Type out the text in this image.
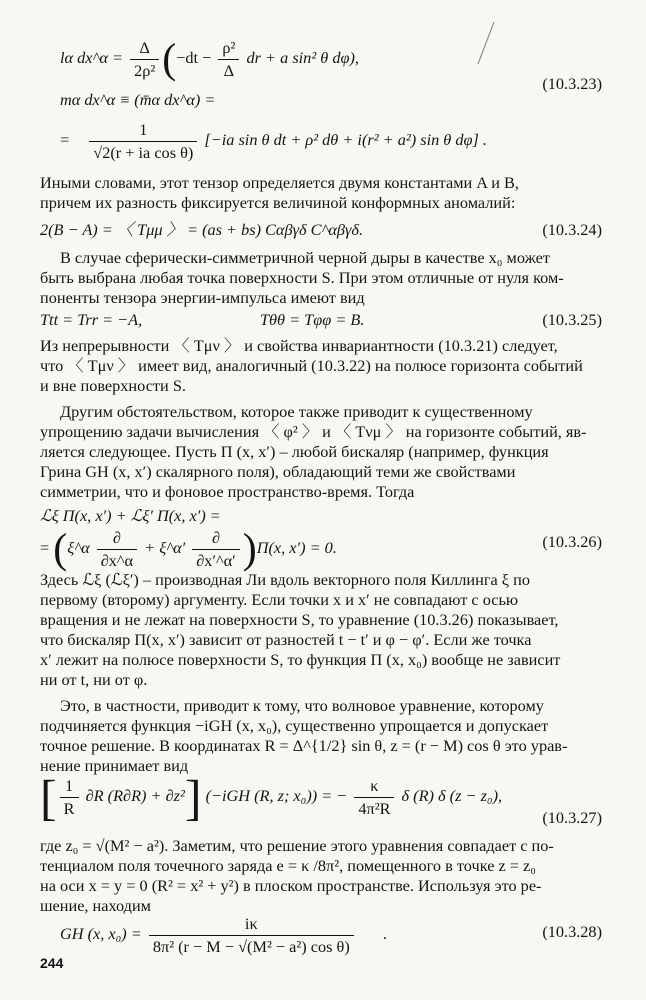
lα dx^α = $\frac{\Delta}{\text{2ρ²}} (-dt - \frac{\text{ρ²}}{\Delta}$ dr + a sin² θ dφ),
mα dx^α ≡ (m̄α dx^α) =
(10.3.23)
= $\frac{1}{\text{√2(r + ia cos θ)}} [-ia$ sin θ dt + ρ² dθ + i(r² + a²) sin θ dφ] .
Иными словами, этот тензор определяется двумя константами A и B,
причем их разность фиксируется величиной конформных аномалий:
2(B − A) = 〈 Tμμ 〉 = (as + bs) Cαβγδ C^αβγδ.	(10.3.24)
В случае сферически-симметричной черной дыры в качестве x₀ может
быть выбрана любая точка поверхности S. При этом отличные от нуля ком-
поненты тензора энергии-импульса имеют вид
Ttt = Trr = −A,	Tθθ = Tφφ = B.	(10.3.25)
Из непрерывности 〈 Tμν 〉 и свойства инвариантности (10.3.21) следует,
что 〈 Tμν 〉 имеет вид, аналогичный (10.3.22) на полюсе горизонта событий
и вне поверхности S.
Другим обстоятельством, которое также приводит к существенному
упрощению задачи вычисления 〈 φ² 〉 и 〈 Tνμ 〉 на горизонте событий, яв-
ляется следующее. Пусть Π (x, x′) – любой бискаляр (например, функция
Грина GH (x, x′) скалярного поля), обладающий теми же свойствами
симметрии, что и фоновое пространство-время. Тогда
ℒξ Π(x, x′) + ℒξ′ Π(x, x′) =
= (ξ^α $\frac{\partial}{\partial x\^{}\alpha}$ + ξ^α′ $\frac{\partial}{\partial x'\^{}\alpha'} )\Pi(x$, x′) = 0.	(10.3.26)
Здесь ℒξ (ℒξ′) – производная Ли вдоль векторного поля Киллинга ξ по
первому (второму) аргументу. Если точки x и x′ не совпадают с осью
вращения и не лежат на поверхности S, то уравнение (10.3.26) показывает,
что бискаляр Π(x, x′) зависит от разностей t − t′ и φ − φ′. Если же точка
x′ лежит на полюсе поверхности S, то функция Π (x, x₀) вообще не зависит
ни от t, ни от φ.
Это, в частности, приводит к тому, что волновое уравнение, которому
подчиняется функция −iGH (x, x₀), существенно упрощается и допускает
точное решение. В координатах R = Δ^{1/2} sin θ, z = (r − M) cos θ это урав-
нение принимает вид
[ $\frac{1}{R} \partial R$ (R∂R) + ∂z²] (−iGH (R, z; x₀)) = − $\frac{\kappa}{\text{4π²R}}$ δ (R) δ (z − z₀),
(10.3.27)
где z₀ = √(M² − a²). Заметим, что решение этого уравнения совпадает с по-
тенциалом поля точечного заряда e = κ /8π², помещенного в точке z = z₀
на оси x = y = 0 (R² = x² + y²) в плоском пространстве. Используя это ре-
шение, находим
GH (x, $x_0) = \frac{i\kappa}{\text{8π² (r − M − √(M² − a²) cos θ)}}$ .	(10.3.28)
244
